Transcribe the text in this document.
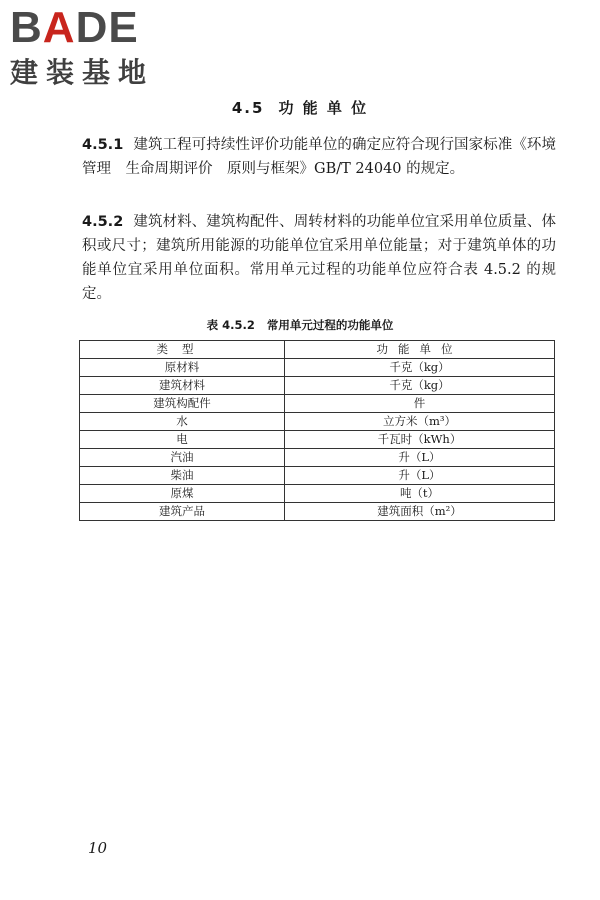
BADE
建装基地
4.5 功 能 单 位

4.5.1 建筑工程可持续性评价功能单位的确定应符合现行国家标准《环境管理　生命周期评价　原则与框架》GB/T 24040 的规定。

4.5.2 建筑材料、建筑构配件、周转材料的功能单位宜采用单位质量、体积或尺寸；建筑所用能源的功能单位宜采用单位能量；对于建筑单体的功能单位宜采用单位面积。常用单元过程的功能单位应符合表 4.5.2 的规定。

表 4.5.2 常用单元过程的功能单位
类型	功能单位
原材料	千克（kg）
建筑材料	千克（kg）
建筑构配件	件
水	立方米（m³）
电	千瓦时（kWh）
汽油	升（L）
柴油	升（L）
原煤	吨（t）
建筑产品	建筑面积（m²）
10
